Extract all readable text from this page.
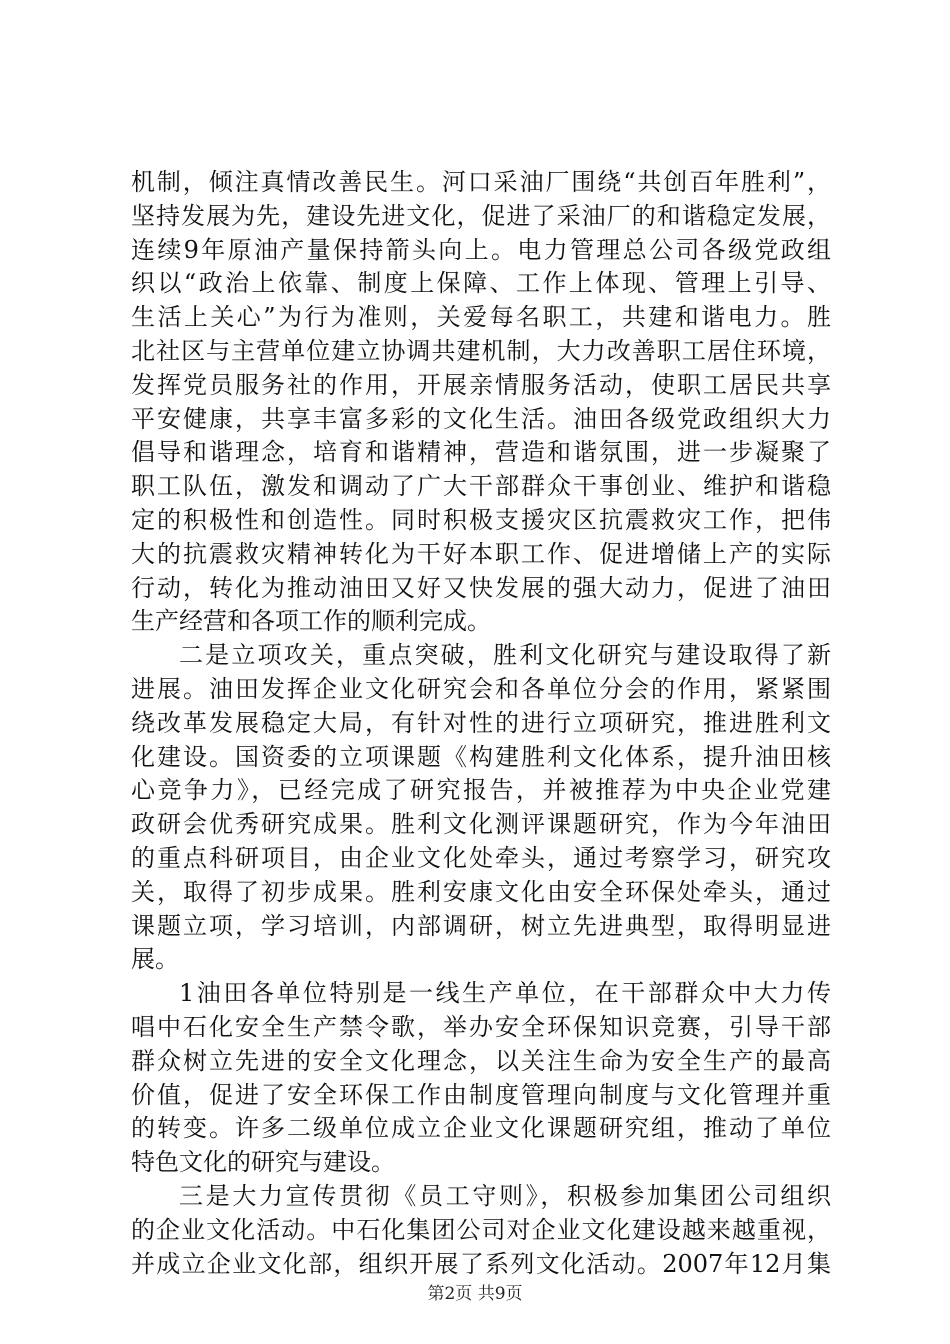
机制，倾注真情改善民生。河口采油厂围绕“共创百年胜利”，
坚持发展为先，建设先进文化，促进了采油厂的和谐稳定发展，
连续9年原油产量保持箭头向上。电力管理总公司各级党政组
织以“政治上依靠、制度上保障、工作上体现、管理上引导、
生活上关心”为行为准则，关爱每名职工，共建和谐电力。胜
北社区与主营单位建立协调共建机制，大力改善职工居住环境，
发挥党员服务社的作用，开展亲情服务活动，使职工居民共享
平安健康，共享丰富多彩的文化生活。油田各级党政组织大力
倡导和谐理念，培育和谐精神，营造和谐氛围，进一步凝聚了
职工队伍，激发和调动了广大干部群众干事创业、维护和谐稳
定的积极性和创造性。同时积极支援灾区抗震救灾工作，把伟
大的抗震救灾精神转化为干好本职工作、促进增储上产的实际
行动，转化为推动油田又好又快发展的强大动力，促进了油田
生产经营和各项工作的顺利完成。
二是立项攻关，重点突破，胜利文化研究与建设取得了新
进展。油田发挥企业文化研究会和各单位分会的作用，紧紧围
绕改革发展稳定大局，有针对性的进行立项研究，推进胜利文
化建设。国资委的立项课题《构建胜利文化体系，提升油田核
心竞争力》，已经完成了研究报告，并被推荐为中央企业党建
政研会优秀研究成果。胜利文化测评课题研究，作为今年油田
的重点科研项目，由企业文化处牵头，通过考察学习，研究攻
关，取得了初步成果。胜利安康文化由安全环保处牵头，通过
课题立项，学习培训，内部调研，树立先进典型，取得明显进
展。
1油田各单位特别是一线生产单位，在干部群众中大力传
唱中石化安全生产禁令歌，举办安全环保知识竞赛，引导干部
群众树立先进的安全文化理念，以关注生命为安全生产的最高
价值，促进了安全环保工作由制度管理向制度与文化管理并重
的转变。许多二级单位成立企业文化课题研究组，推动了单位
特色文化的研究与建设。
三是大力宣传贯彻《员工守则》，积极参加集团公司组织
的企业文化活动。中石化集团公司对企业文化建设越来越重视，
并成立企业文化部，组织开展了系列文化活动。2007年12月集
第2页 共9页
